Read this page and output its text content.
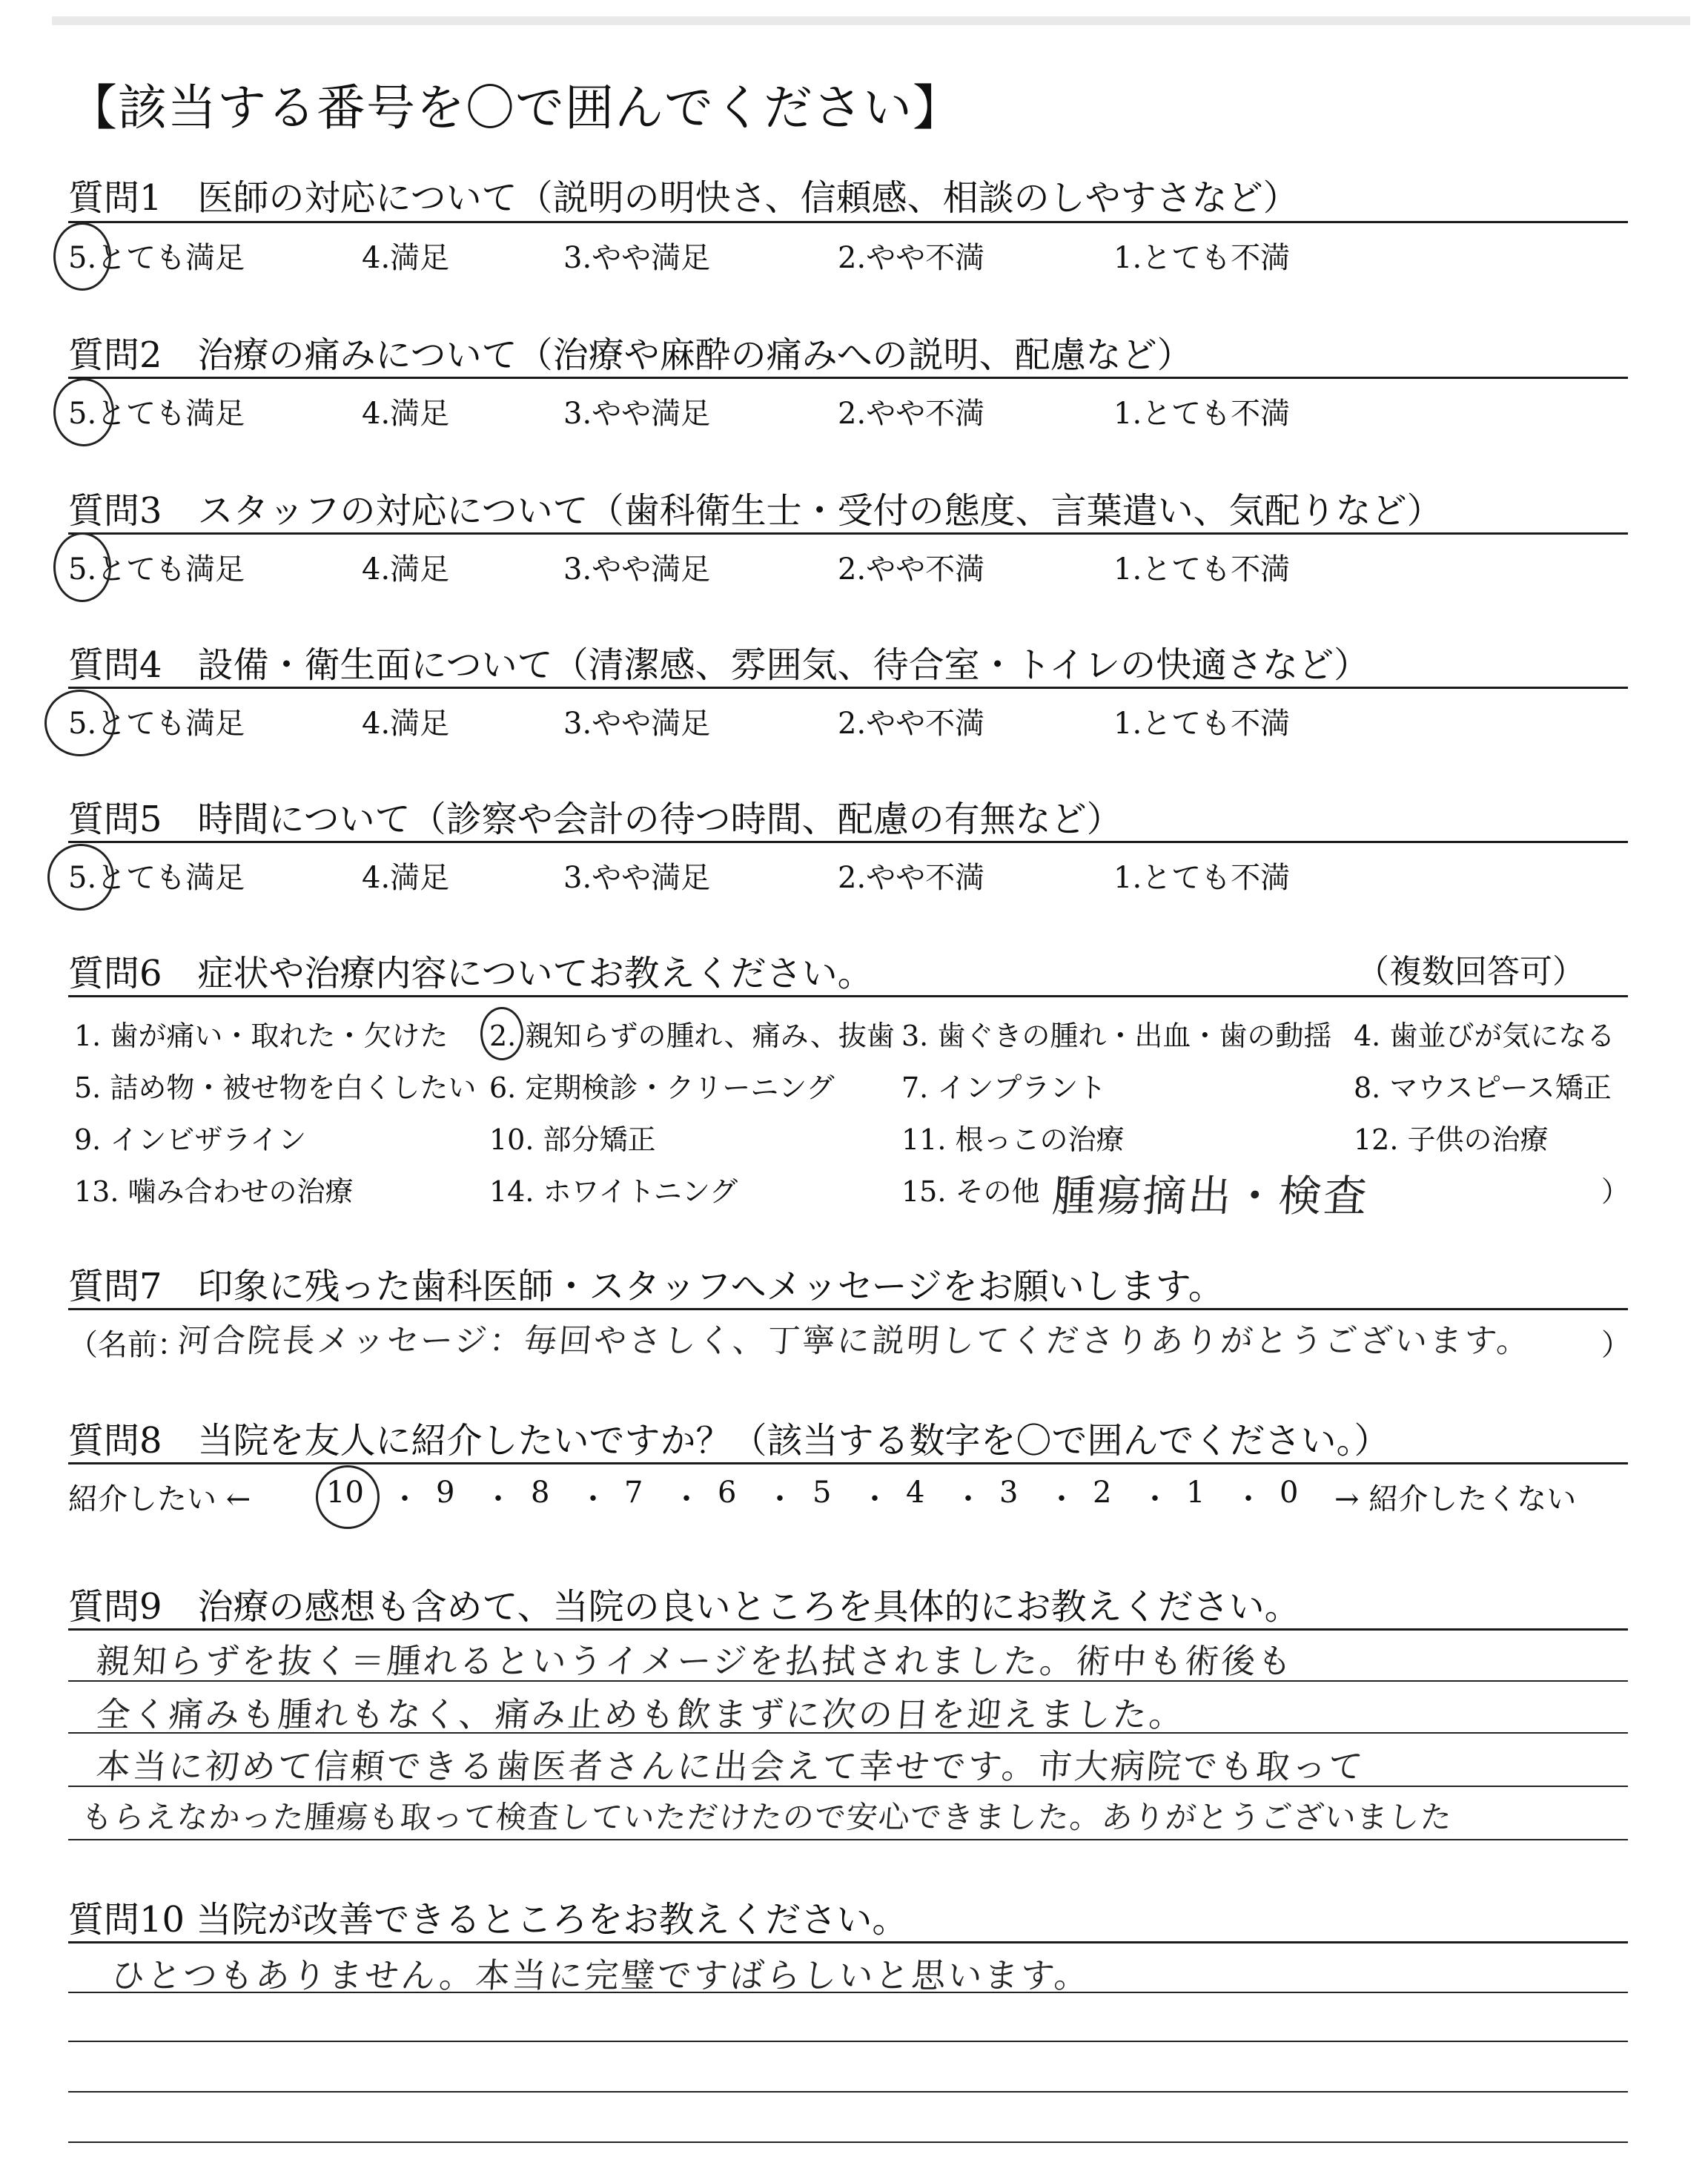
【該当する番号を〇で囲んでください】
質問1　医師の対応について（説明の明快さ、信頼感、相談のしやすさなど）
5.とても満足	4.満足	3.やや満足	2.やや不満	1.とても不満
質問2　治療の痛みについて（治療や麻酔の痛みへの説明、配慮など）
5.とても満足	4.満足	3.やや満足	2.やや不満	1.とても不満
質問3　スタッフの対応について（歯科衛生士・受付の態度、言葉遣い、気配りなど）
5.とても満足	4.満足	3.やや満足	2.やや不満	1.とても不満
質問4　設備・衛生面について（清潔感、雰囲気、待合室・トイレの快適さなど）
5.とても満足	4.満足	3.やや満足	2.やや不満	1.とても不満
質問5　時間について（診察や会計の待つ時間、配慮の有無など）
5.とても満足	4.満足	3.やや満足	2.やや不満	1.とても不満
質問6　症状や治療内容についてお教えください。	（複数回答可）
1. 歯が痛い・取れた・欠けた 2. 親知らずの腫れ、痛み、抜歯 3. 歯ぐきの腫れ・出血・歯の動揺 4. 歯並びが気になる
5. 詰め物・被せ物を白くしたい 6. 定期検診・クリーニング 7. インプラント	8. マウスピース矯正
9. インビザライン	10. 部分矯正	11. 根っこの治療	12. 子供の治療
13. 噛み合わせの治療	14. ホワイトニング	15. その他（
腫瘍摘出・検査	）
質問7　印象に残った歯科医師・スタッフへメッセージをお願いします。
（名前：
河合院長メッセージ：毎回やさしく、丁寧に説明してくださりありがとうございます。 ）
質問8　当院を友人に紹介したいですか？（該当する数字を〇で囲んでください。）
紹介したい ←	10 ・ 9 ・ 8 ・ 7 ・ 6 ・ 5 ・ 4 ・ 3 ・ 2 ・ 1 ・ 0 → 紹介したくない
質問9　治療の感想も含めて、当院の良いところを具体的にお教えください。
親知らずを抜く＝腫れるというイメージを払拭されました。術中も術後も
全く痛みも腫れもなく、痛み止めも飲まずに次の日を迎えました。
本当に初めて信頼できる歯医者さんに出会えて幸せです。市大病院でも取って
もらえなかった腫瘍も取って検査していただけたので安心できました。ありがとうございました
質問10 当院が改善できるところをお教えください。
ひとつもありません。本当に完璧ですばらしいと思います。
